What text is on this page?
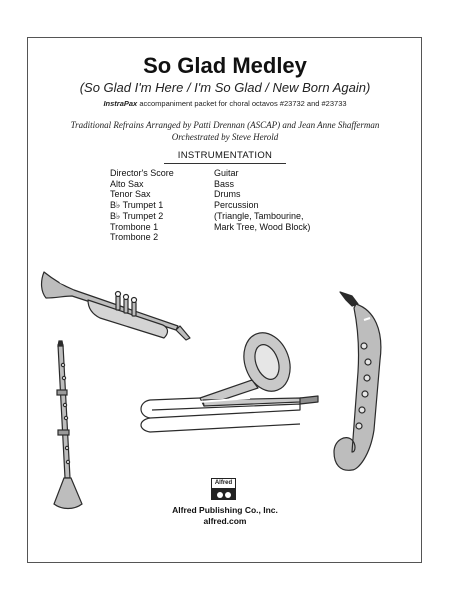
So Glad Medley
(So Glad I'm Here / I'm So Glad / New Born Again)
InstraPax accompaniment packet for choral octavos #23732 and #23733
Traditional Refrains Arranged by Patti Drennan (ASCAP) and Jean Anne Shafferman
Orchestrated by Steve Herold
INSTRUMENTATION
Director's Score
Alto Sax
Tenor Sax
B♭ Trumpet 1
B♭ Trumpet 2
Trombone 1
Trombone 2
Guitar
Bass
Drums
Percussion
(Triangle, Tambourine,
Mark Tree, Wood Block)
Alfred
Alfred Publishing Co., Inc.
alfred.com
